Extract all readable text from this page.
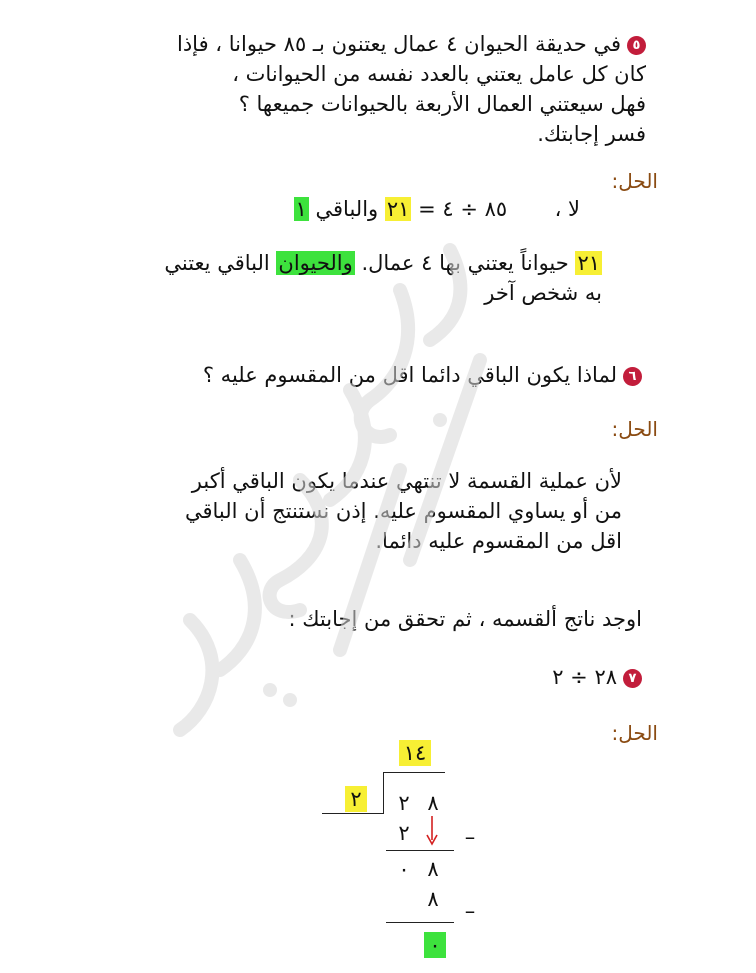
٥في حديقة الحيوان ٤ عمال يعتنون بـ ٨٥ حيوانا ، فإذا
كان كل عامل يعتني بالعدد نفسه من الحيوانات ،
فهل سيعتني العمال الأربعة بالحيوانات جميعها ؟
فسر إجابتك.
الحل:
لا ،  ٨٥ ÷ ٤ = ٢١ والباقي ١
٢١ حيواناً يعتني بها ٤ عمال. والحيوان الباقي يعتني
به شخص آخر
٦لماذا يكون الباقي دائما اقل من المقسوم عليه ؟
الحل:
لأن عملية القسمة لا تنتهي عندما يكون الباقي أكبر
من أو يساوي المقسوم عليه. إذن نستنتج أن الباقي
اقل من المقسوم عليه دائما.
اوجد ناتج ألقسمه ، ثم تحقق من إجابتك :
٧٢٨ ÷ ٢
الحل:
١٤
٢ ٢ ٨
٢	–
٠ ٨
٨ –
٠
